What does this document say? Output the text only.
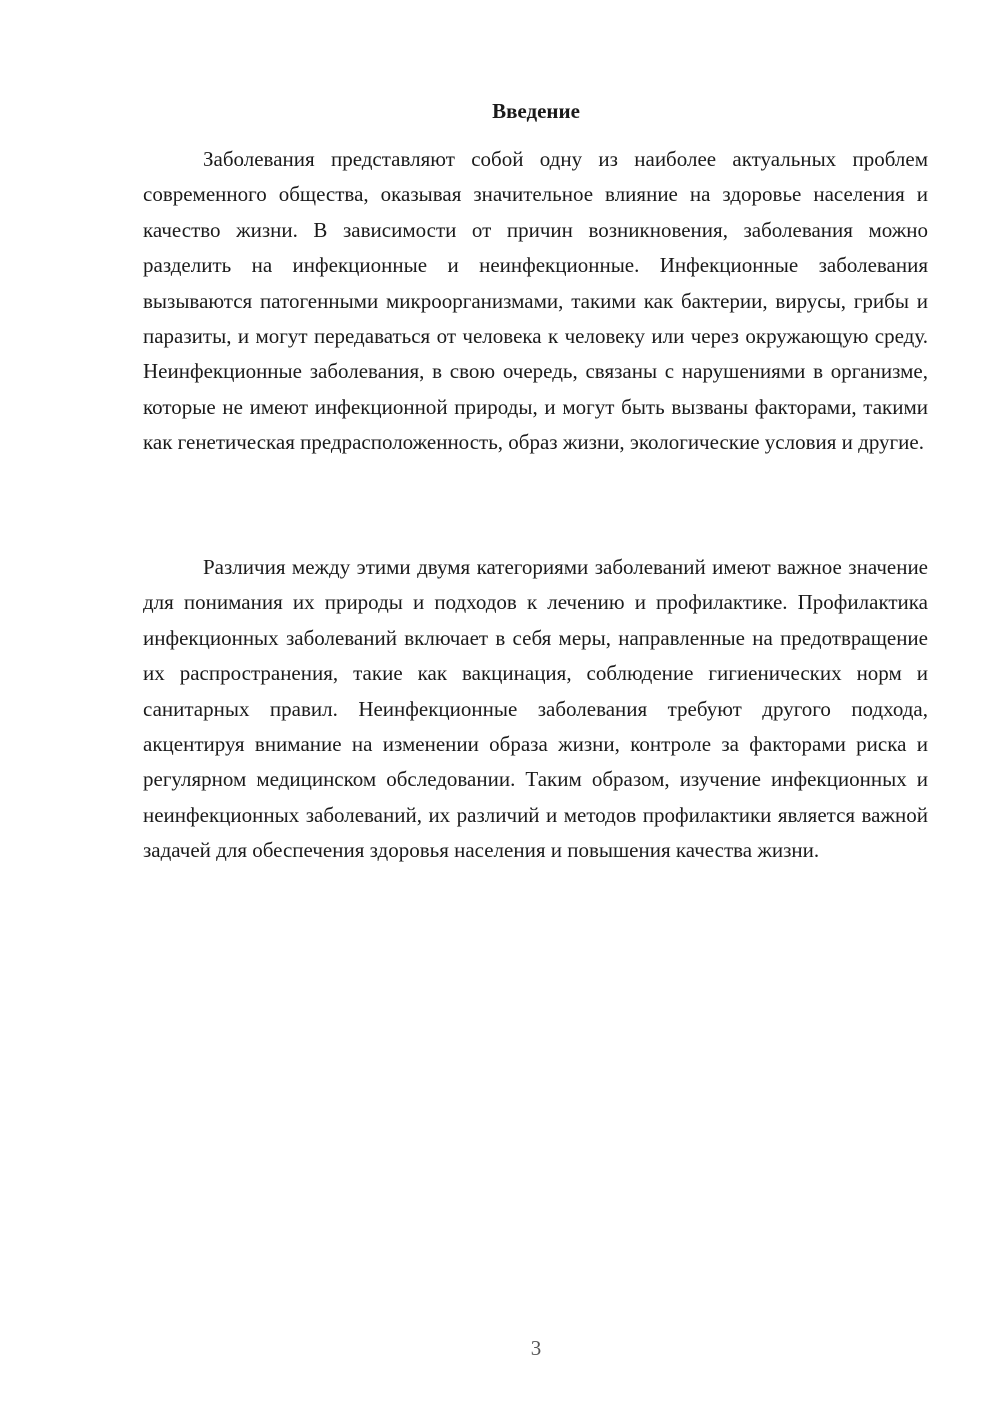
Введение

Заболевания представляют собой одну из наиболее актуальных проблем современного общества, оказывая значительное влияние на здоровье населения и качество жизни. В зависимости от причин возникновения, заболевания можно разделить на инфекционные и неинфекционные. Инфекционные заболевания вызываются патогенными микроорганизмами, такими как бактерии, вирусы, грибы и паразиты, и могут передаваться от человека к человеку или через окружающую среду. Неинфекционные заболевания, в свою очередь, связаны с нарушениями в организме, которые не имеют инфекционной природы, и могут быть вызваны факторами, такими как генетическая предрасположенность, образ жизни, экологические условия и другие.

Различия между этими двумя категориями заболеваний имеют важное значение для понимания их природы и подходов к лечению и профилактике. Профилактика инфекционных заболеваний включает в себя меры, направленные на предотвращение их распространения, такие как вакцинация, соблюдение гигиенических норм и санитарных правил. Неинфекционные заболевания требуют другого подхода, акцентируя внимание на изменении образа жизни, контроле за факторами риска и регулярном медицинском обследовании. Таким образом, изучение инфекционных и неинфекционных заболеваний, их различий и методов профилактики является важной задачей для обеспечения здоровья населения и повышения качества жизни.

3
